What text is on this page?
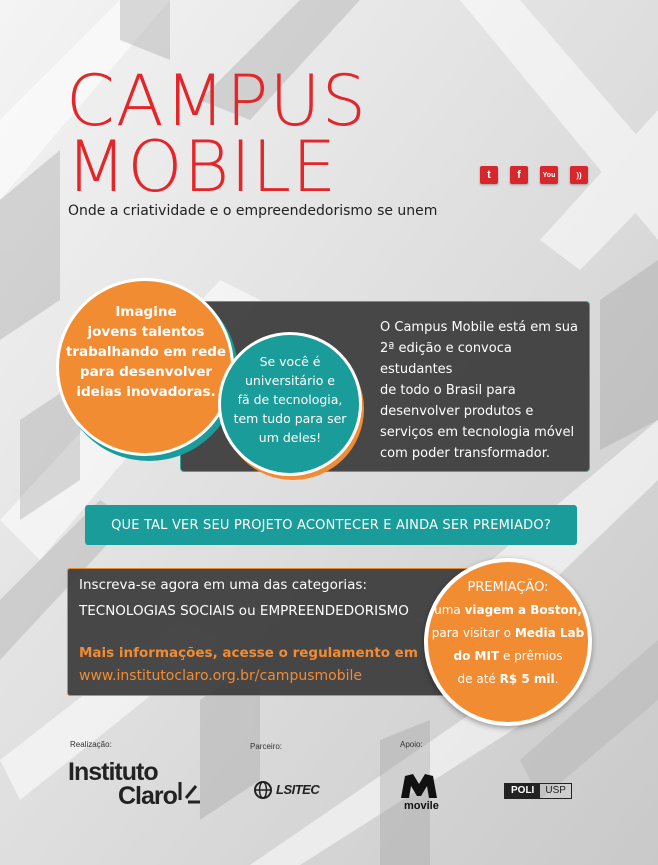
CAMPUS
MOBILE
Onde a criatividade e o empreendedorismo se unem
t	f	You	))
O Campus Mobile está em sua
2ª edição e convoca estudantes
de todo o Brasil para
desenvolver produtos e
serviços em tecnologia móvel
com poder transformador.
Imagine
jovens talentos
trabalhando em rede
para desenvolver
ideias inovadoras.
Se você é
universitário e
fã de tecnologia,
tem tudo para ser
um deles!
QUE TAL VER SEU PROJETO ACONTECER E AINDA SER PREMIADO?
Inscreva-se agora em uma das categorias:
TECNOLOGIAS SOCIAIS ou EMPREENDEDORISMO
Mais informações, acesse o regulamento em
www.institutoclaro.org.br/campusmobile
PREMIAÇÃO:
uma viagem a Boston,
para visitar o Media Lab
do MIT e prêmios
de até R$ 5 mil.
Realização:	Parceiro:	Apoio:
Instituto
Claro	LSITEC
movile
POLI	USP
